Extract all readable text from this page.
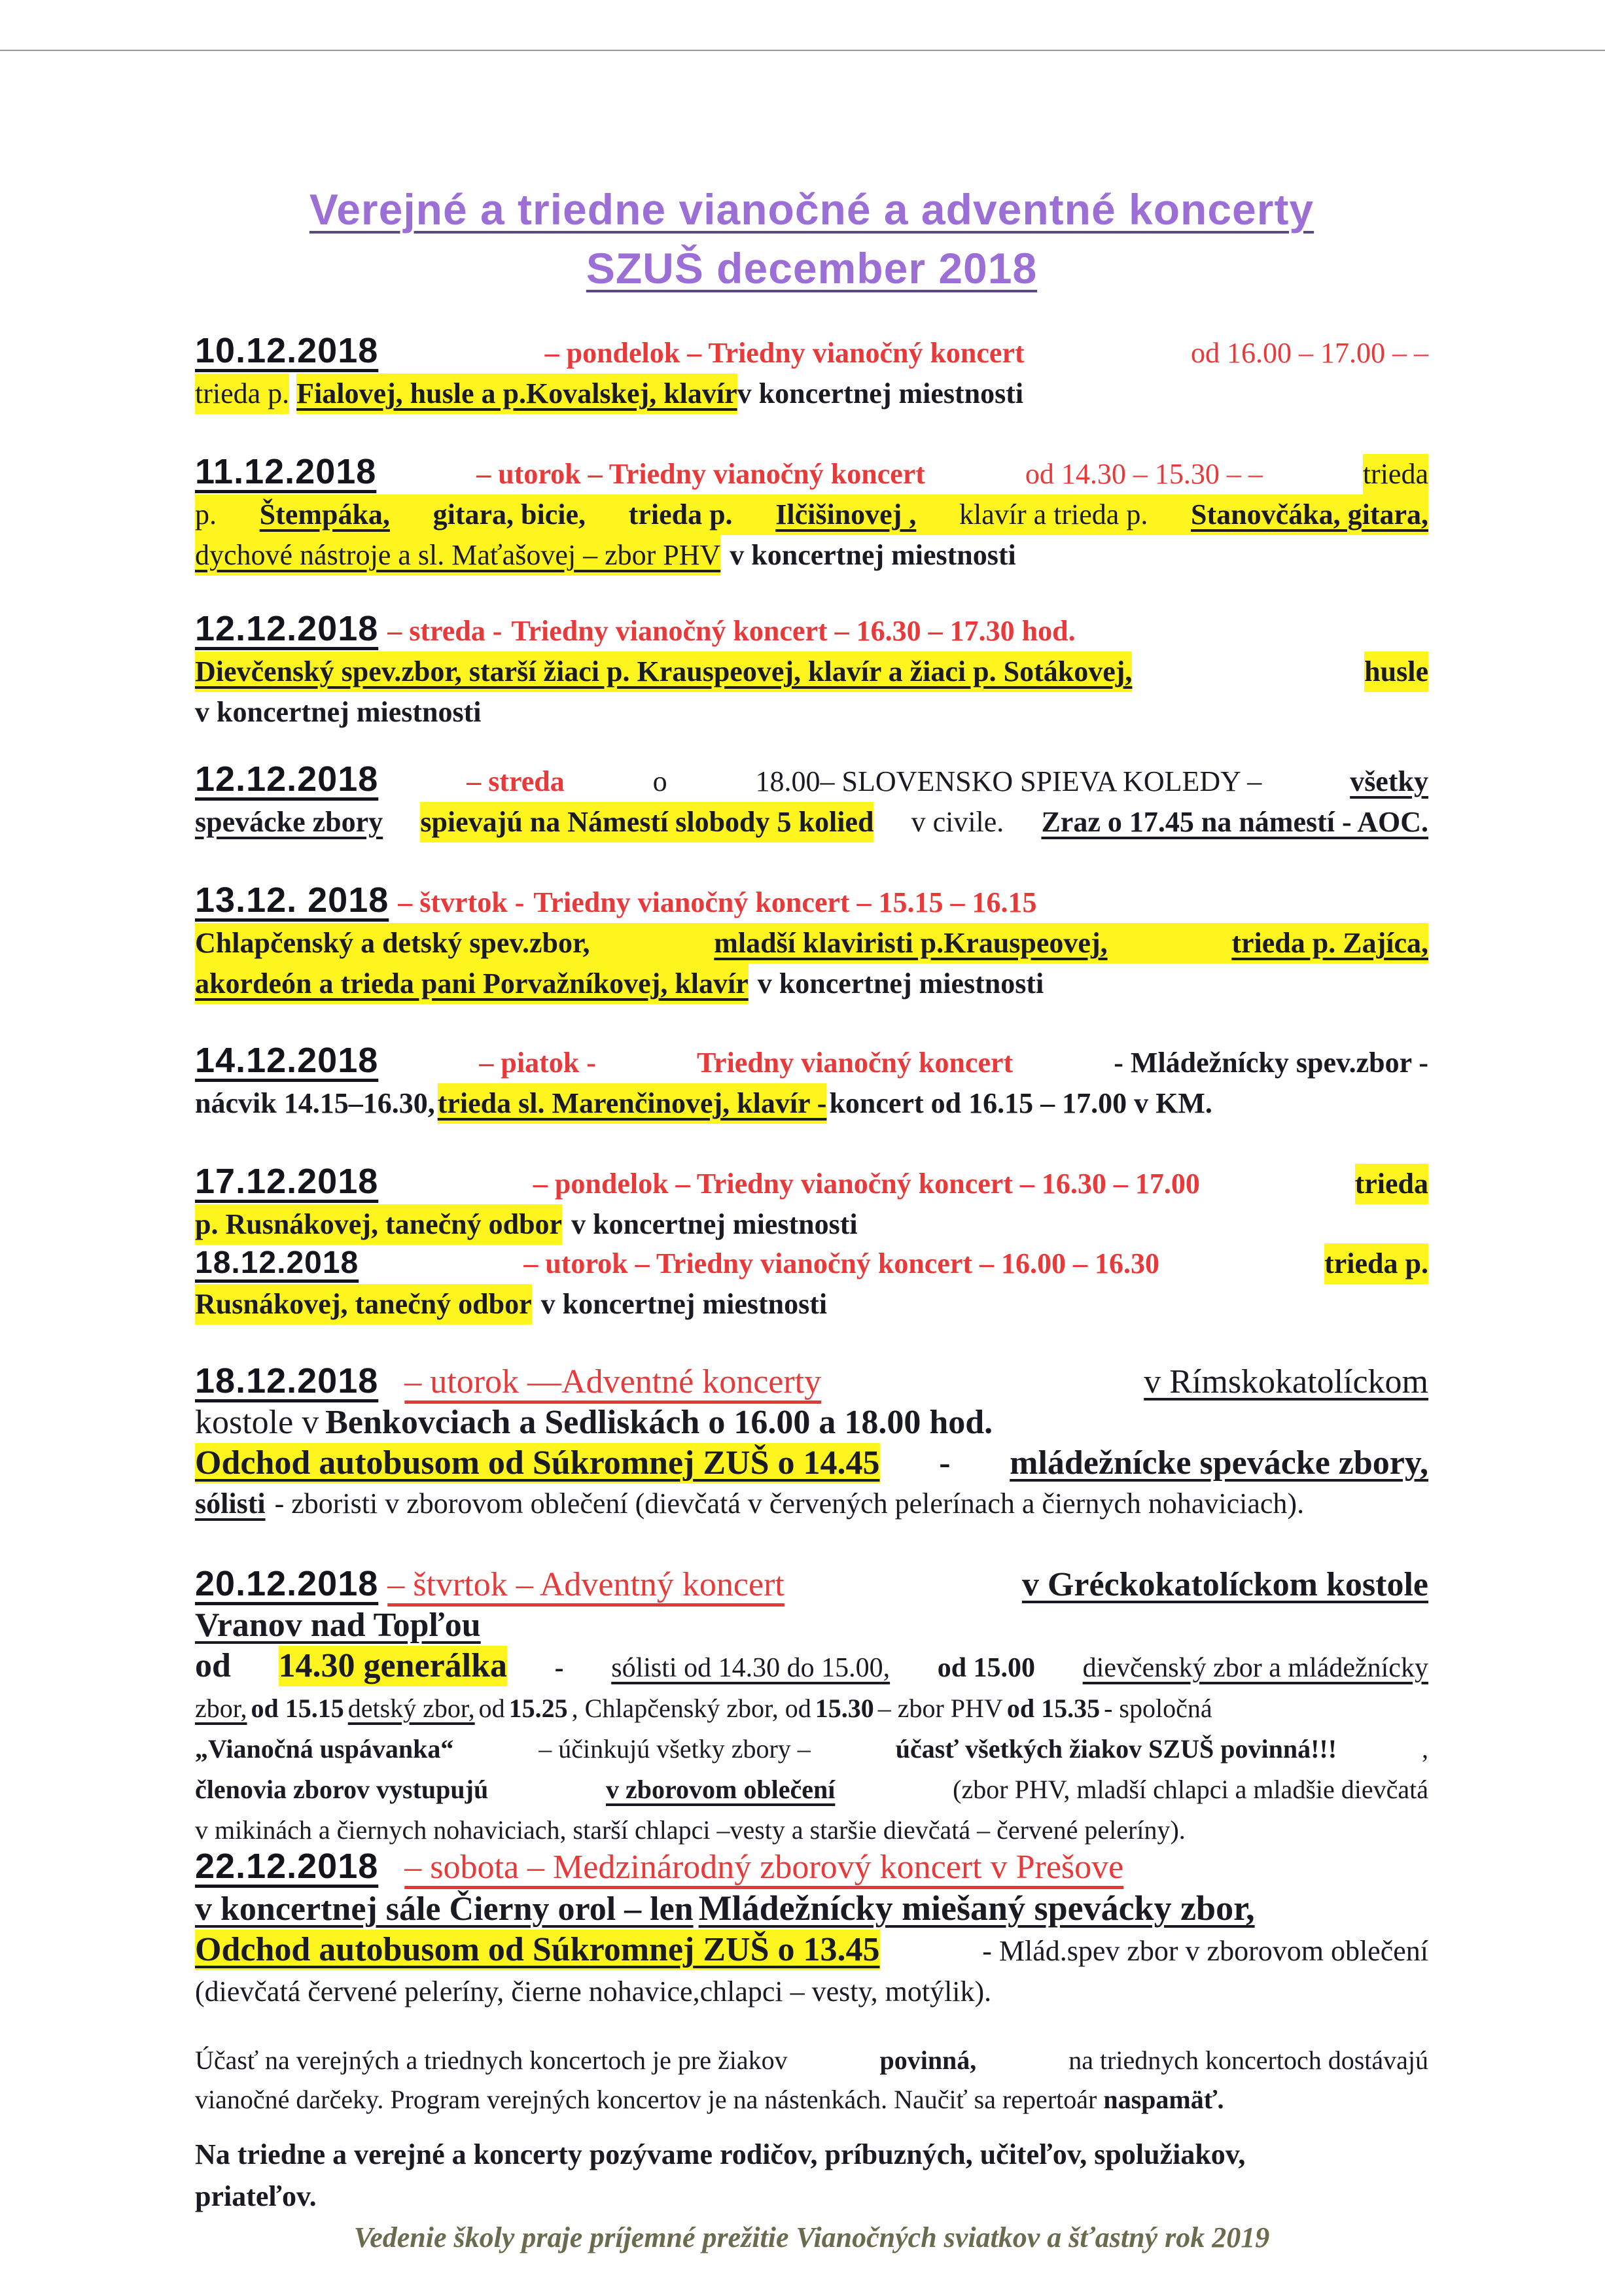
Verejné a triedne vianočné a adventné koncerty
SZUŠ december 2018
10.12.2018	– pondelok – Triedny vianočný koncert	od 16.00 – 17.00 – –
trieda p.
Fialovej, husle a p.Kovalskej, klavír v koncertnej miestnosti
11.12.2018	– utorok – Triedny vianočný koncert	od 14.30 – 15.30 – –	trieda
p. Štempáka, gitara, bicie, trieda p. Ilčišinovej , klavír a trieda p. Stanovčáka, gitara,
dychové nástroje a sl. Maťašovej – zbor PHV v koncertnej miestnosti
12.12.2018 – streda - Triedny vianočný koncert – 16.30 – 17.30 hod.
Dievčenský spev.zbor, starší žiaci p. Krauspeovej, klavír a žiaci p. Sotákovej,	husle
v koncertnej miestnosti
12.12.2018	– streda	o	18.00– SLOVENSKO SPIEVA KOLEDY –	všetky
spevácke zbory spievajú na Námestí slobody 5 kolied v civile. Zraz o 17.45 na námestí - AOC.
13.12. 2018 – štvrtok - Triedny vianočný koncert – 15.15 – 16.15
Chlapčenský a detský spev.zbor,	mladší klaviristi p.Krauspeovej,	trieda p. Zajíca,
akordeón a trieda pani Porvažníkovej, klavír v koncertnej miestnosti
14.12.2018	– piatok -	Triedny vianočný koncert	- Mládežnícky spev.zbor -
nácvik 14.15–16.30, trieda sl. Marenčinovej, klavír - koncert od 16.15 – 17.00 v KM.
17.12.2018	– pondelok – Triedny vianočný koncert – 16.30 – 17.00	trieda
p. Rusnákovej, tanečný odbor v koncertnej miestnosti
18.12.2018	– utorok – Triedny vianočný koncert – 16.00 – 16.30	trieda p.
Rusnákovej, tanečný odbor v koncertnej miestnosti
18.12.2018 – utorok —Adventné koncerty	v Rímskokatolíckom
kostole v Benkovciach a Sedliskách o 16.00 a 18.00 hod.
Odchod autobusom od Súkromnej ZUŠ o 14.45 - mládežnícke spevácke zbory,
sólisti - zboristi v zborovom oblečení (dievčatá v červených pelerínach a čiernych nohaviciach).
20.12.2018 – štvrtok – Adventný koncert	v Gréckokatolíckom kostole
Vranov nad Topľou
od 14.30 generálka - sólisti od 14.30 do 15.00, od 15.00 dievčenský zbor a mládežnícky
zbor, od 15.15 detský zbor, od 15.25 , Chlapčenský zbor, od 15.30 – zbor PHV od 15.35 - spoločná
„Vianočná uspávanka“	– účinkujú všetky zbory –	účasť všetkých žiakov SZUŠ povinná!!!	,
členovia zborov vystupujú	v zborovom oblečení	(zbor PHV, mladší chlapci a mladšie dievčatá
v mikinách a čiernych nohaviciach, starší chlapci –vesty a staršie dievčatá – červené peleríny).
22.12.2018 – sobota – Medzinárodný zborový koncert v Prešove
v koncertnej sále Čierny orol – len Mládežnícky miešaný spevácky zbor,
Odchod autobusom od Súkromnej ZUŠ o 13.45	- Mlád.spev zbor v zborovom oblečení
(dievčatá červené peleríny, čierne nohavice,chlapci – vesty, motýlik).
Účasť na verejných a triednych koncertoch je pre žiakov	povinná,	na triednych koncertoch dostávajú
vianočné darčeky. Program verejných koncertov je na nástenkách. Naučiť sa repertoár naspamäť.
Na triedne a verejné a koncerty pozývame rodičov, príbuzných, učiteľov, spolužiakov,
priateľov.
Vedenie školy praje príjemné prežitie Vianočných sviatkov a šťastný rok 2019
